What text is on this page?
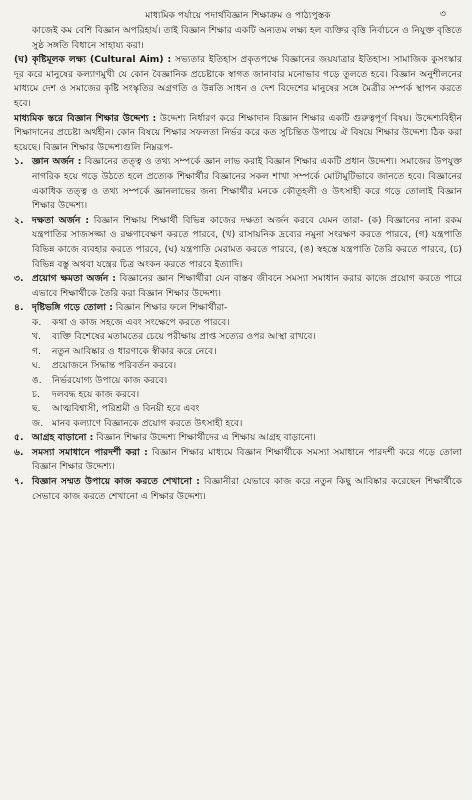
মাধ্যমিক পর্যায়ে পদার্থবিজ্ঞান শিক্ষাক্রম ও পাঠ্যপুস্তক	৩

কাজেই কম বেশি বিজ্ঞান অপরিহার্য। তাই বিজ্ঞান শিক্ষার একটি অন্যতম লক্ষ্য হল ব্যক্তির বৃত্তি নির্বাচনে ও নিযুক্ত বৃত্তিতে সুষ্ঠ সঙ্গতি বিধানে সাহায্য করা।

(ঘ) কৃষ্টিমূলক লক্ষ্য (Cultural Aim) : সভ্যতার ইতিহাস প্রকৃতপক্ষে বিজ্ঞানের জয়যাত্রার ইতিহাস। সামাজিক কুসংস্কার দূর করে মানুষের কল্যাণমুখী যে কোন বৈজ্ঞানিক প্রচেষ্টাকে স্বাগত জানাবার মনোভাব গড়ে তুলতে হবে। বিজ্ঞান অনুশীলনের মাধ্যমে দেশ ও সমাজের কৃষ্টি সংস্কৃতির অগ্রগতি ও উন্নতি সাধন ও দেশ বিদেশের মানুষের সঙ্গে মৈত্রীর সম্পর্ক স্থাপন করতে হবে।

মাধ্যমিক স্তরে বিজ্ঞান শিক্ষার উদ্দেশ্য : উদ্দেশ্য নির্ধারণ করে শিক্ষাদান বিজ্ঞান শিক্ষার একটি গুরুত্বপূর্ণ বিষয়। উদ্দেশ্যবিহীন শিক্ষাদানের প্রচেষ্টা অর্থহীন। কোন বিষয়ে শিক্ষার সফলতা নির্ভর করে কত সুচিন্তিত উপায়ে ঐ বিষয়ে শিক্ষার উদ্দেশ্য ঠিক করা হয়েছে। বিজ্ঞান শিক্ষার উদ্দেশ্যগুলি নিম্নরূপ-

১. জ্ঞান অর্জন : বিজ্ঞানের তত্ত্ব ও তথ্য সম্পর্কে জ্ঞান লাভ করাই বিজ্ঞান শিক্ষার একটি প্রধান উদ্দেশ্য। সমাজের উপযুক্ত নাগরিক হয়ে গড়ে উঠতে হলে প্রত্যেক শিক্ষার্থীর বিজ্ঞানের সকল শাখা সম্পর্কে মোটামুটিভাবে জানতে হবে। বিজ্ঞানের একাধিক তত্ত্ব ও তথ্য সম্পর্কে জ্ঞানলাভের জন্য শিক্ষার্থীর মনকে কৌতূহলী ও উৎসাহী করে গড়ে তোলাই বিজ্ঞান শিক্ষার উদ্দেশ্য।

২. দক্ষতা অর্জন : বিজ্ঞান শিক্ষায় শিক্ষার্থী বিভিন্ন কাজের দক্ষতা অর্জন করবে যেমন তারা- (ক) বিজ্ঞানের নানা রকম যন্ত্রপাতির সাজসজ্জা ও রক্ষণাবেক্ষণ করতে পারবে, (খ) রাসায়নিক দ্রব্যের নমুনা সংরক্ষণ করতে পারবে, (গ) যন্ত্রপাতি বিভিন্ন কাজে ব্যবহার করতে পারবে, (ঘ) যন্ত্রপাতি মেরামত করতে পারবে, (ঙ) স্বহস্তে যন্ত্রপাতি তৈরি করতে পারবে, (চ) বিভিন্ন বস্তু অথবা যন্ত্রের চিত্র অংকন করতে পারবে ইত্যাদি।

৩. প্রয়োগ ক্ষমতা অর্জন : বিজ্ঞানের জ্ঞান শিক্ষার্থীরা যেন বাস্তব জীবনে সমস্যা সমাধান করার কাজে প্রয়োগ করতে পারে এভাবে শিক্ষার্থীকে তৈরি করা বিজ্ঞান শিক্ষার উদ্দেশ্য।

৪. দৃষ্টিভঙ্গি গড়ে তোলা : বিজ্ঞান শিক্ষার ফলে শিক্ষার্থীরা-

ক.	কথা ও কাজ সহজে এবং সংক্ষেপে করতে পারবে।
খ.	ব্যক্তি বিশেষের মতামতের চেয়ে পরীক্ষায় প্রাপ্ত সত্যের ওপর আস্থা রাখবে।
গ.	নতুন আবিষ্কার ও ধারণাকে স্বীকার করে নেবে।
ঘ.	প্রয়োজনে সিদ্ধান্ত পরিবর্তন করবে।
ঙ.	নির্ভরযোগ্য উপায়ে কাজ করবে।
চ.	দলবদ্ধ হয়ে কাজ করবে।
ছ.	আত্মবিশ্বাসী, পরিশ্রমী ও বিনয়ী হবে এবং
জ. মানব কল্যাণে বিজ্ঞানকে প্রয়োগ করতে উৎসাহী হবে।
৫. আগ্রহ বাড়ানো : বিজ্ঞান শিক্ষার উদ্দেশ্য শিক্ষার্থীদের এ শিক্ষায় আগ্রহ বাড়ানো।

৬. সমস্যা সমাধানে পারদর্শী করা : বিজ্ঞান শিক্ষার মাধ্যমে বিজ্ঞান শিক্ষার্থীকে সমস্যা সমাধানে পারদর্শী করে গড়ে তোলা বিজ্ঞান শিক্ষার উদ্দেশ্য।

৭. বিজ্ঞান সম্মত উপায়ে কাজ করতে শেখানো : বিজ্ঞানীরা যেভাবে কাজ করে নতুন কিছু আবিষ্কার করেছেন শিক্ষার্থীকে সেভাবে কাজ করতে শেখানো এ শিক্ষার উদ্দেশ্য।
